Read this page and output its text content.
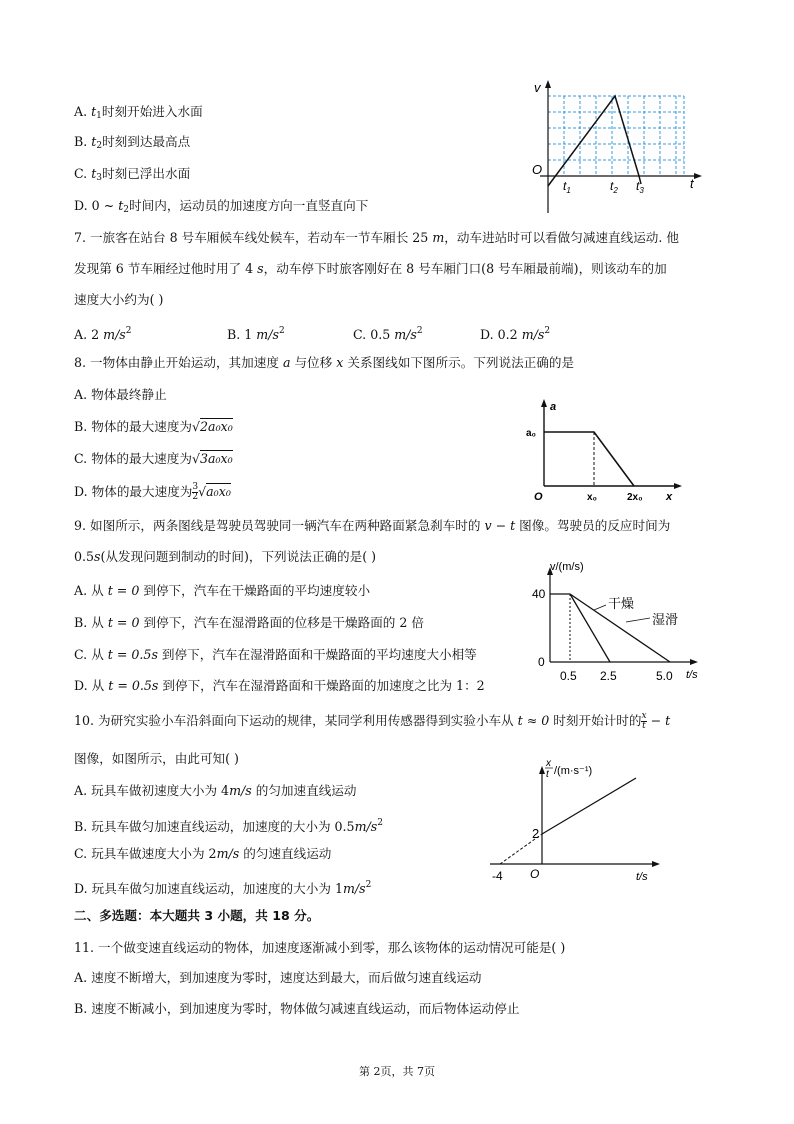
A. $t_1$时刻开始进入水面
B. $t_2$时刻到达最高点
C. $t_3$时刻已浮出水面
D. 0 ~ $t_2$时间内，运动员的加速度方向一直竖直向下
v
O
t
$t_1$	$t_2$ $t_3$
7. 一旅客在站台 8 号车厢候车线处候车，若动车一节车厢长 25 m，动车进站时可以看做匀减速直线运动. 他
发现第 6 节车厢经过他时用了 4 s，动车停下时旅客刚好在 8 号车厢门口(8 号车厢最前端)，则该动车的加
速度大小约为( )
A. 2 $m/s^2$	B. 1 $m/s^2$	C. 0.5 $m/s^2$	D. 0.2 $m/s^2$
8. 一物体由静止开始运动，其加速度 a 与位移 x 关系图线如下图所示。下列说法正确的是
A. 物体最终静止
B. 物体的最大速度为√2a₀x₀
C. 物体的最大速度为√3a₀x₀
D. 物体的最大速度为 $\frac{3}{2} √a_0x_0$
a
a₀
O	x₀	2x₀ x
9. 如图所示，两条图线是驾驶员驾驶同一辆汽车在两种路面紧急刹车时的 v − t 图像。驾驶员的反应时间为
0.5s(从发现问题到制动的时间)，下列说法正确的是( )
A. 从 t = 0 到停下，汽车在干燥路面的平均速度较小
B. 从 t = 0 到停下，汽车在湿滑路面的位移是干燥路面的 2 倍
C. 从 t = 0.5s 到停下，汽车在湿滑路面和干燥路面的平均速度大小相等
D. 从 t = 0.5s 到停下，汽车在湿滑路面和干燥路面的加速度之比为 1：2
v/(m/s)
40
0
干燥
湿滑
0.5 2.5	5.0 t/s
10. 为研究实验小车沿斜面向下运动的规律，某同学利用传感器得到实验小车从 t ≈ 0 时刻开始计时的 $\frac{x}{t} - t$
图像，如图所示，由此可知( )
A. 玩具车做初速度大小为 4m/s 的匀加速直线运动
B. 玩具车做匀加速直线运动，加速度的大小为 $0.5m/s^2$
C. 玩具车做速度大小为 2m/s 的匀速直线运动
D. 玩具车做匀加速直线运动，加速度的大小为 $1m/s^2$
x
t /(m·s⁻¹)
2
-4 O	t/s
二、多选题：本大题共 3 小题，共 18 分。
11. 一个做变速直线运动的物体，加速度逐渐减小到零，那么该物体的运动情况可能是( )
A. 速度不断增大，到加速度为零时，速度达到最大，而后做匀速直线运动
B. 速度不断减小，到加速度为零时，物体做匀减速直线运动，而后物体运动停止
第 2页，共 7页
